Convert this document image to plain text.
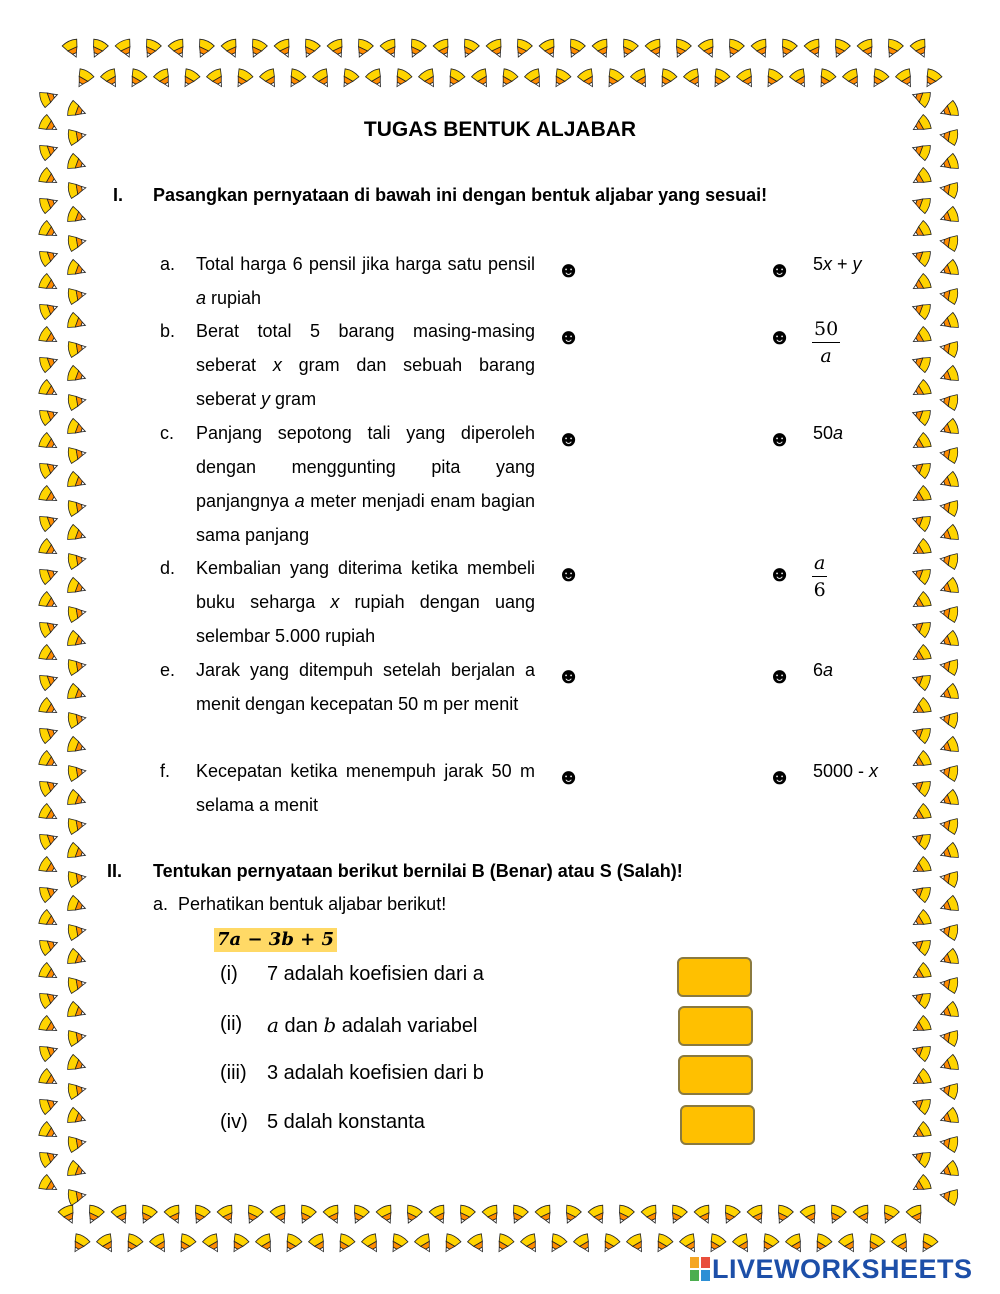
TUGAS BENTUK ALJABAR
I. Pasangkan pernyataan di bawah ini dengan bentuk aljabar yang sesuai!
a. Total harga 6 pensil jika harga satu pensil a rupiah
b. Berat total 5 barang masing-masing seberat x gram dan sebuah barang seberat y gram
c. Panjang sepotong tali yang diperoleh dengan menggunting pita yang panjangnya a meter menjadi enam bagian sama panjang
d. Kembalian yang diterima ketika membeli buku seharga x rupiah dengan uang selembar 5.000 rupiah
e. Jarak yang ditempuh setelah berjalan a menit dengan kecepatan 50 m per menit
f. Kecepatan ketika menempuh jarak 50 m selama a menit
☻
☻
☻
☻
☻
☻
☻
☻
☻
☻
☻
☻
5x + y
50
a
50a
a
6
6a
5000 - x
II. Tentukan pernyataan berikut bernilai B (Benar) atau S (Salah)!
a. Perhatikan bentuk aljabar berikut!
7a − 3b + 5
(i) 7 adalah koefisien dari a
(ii) a dan b adalah variabel
(iii) 3 adalah koefisien dari b
(iv) 5 dalah konstanta
LIVEWORKSHEETS
